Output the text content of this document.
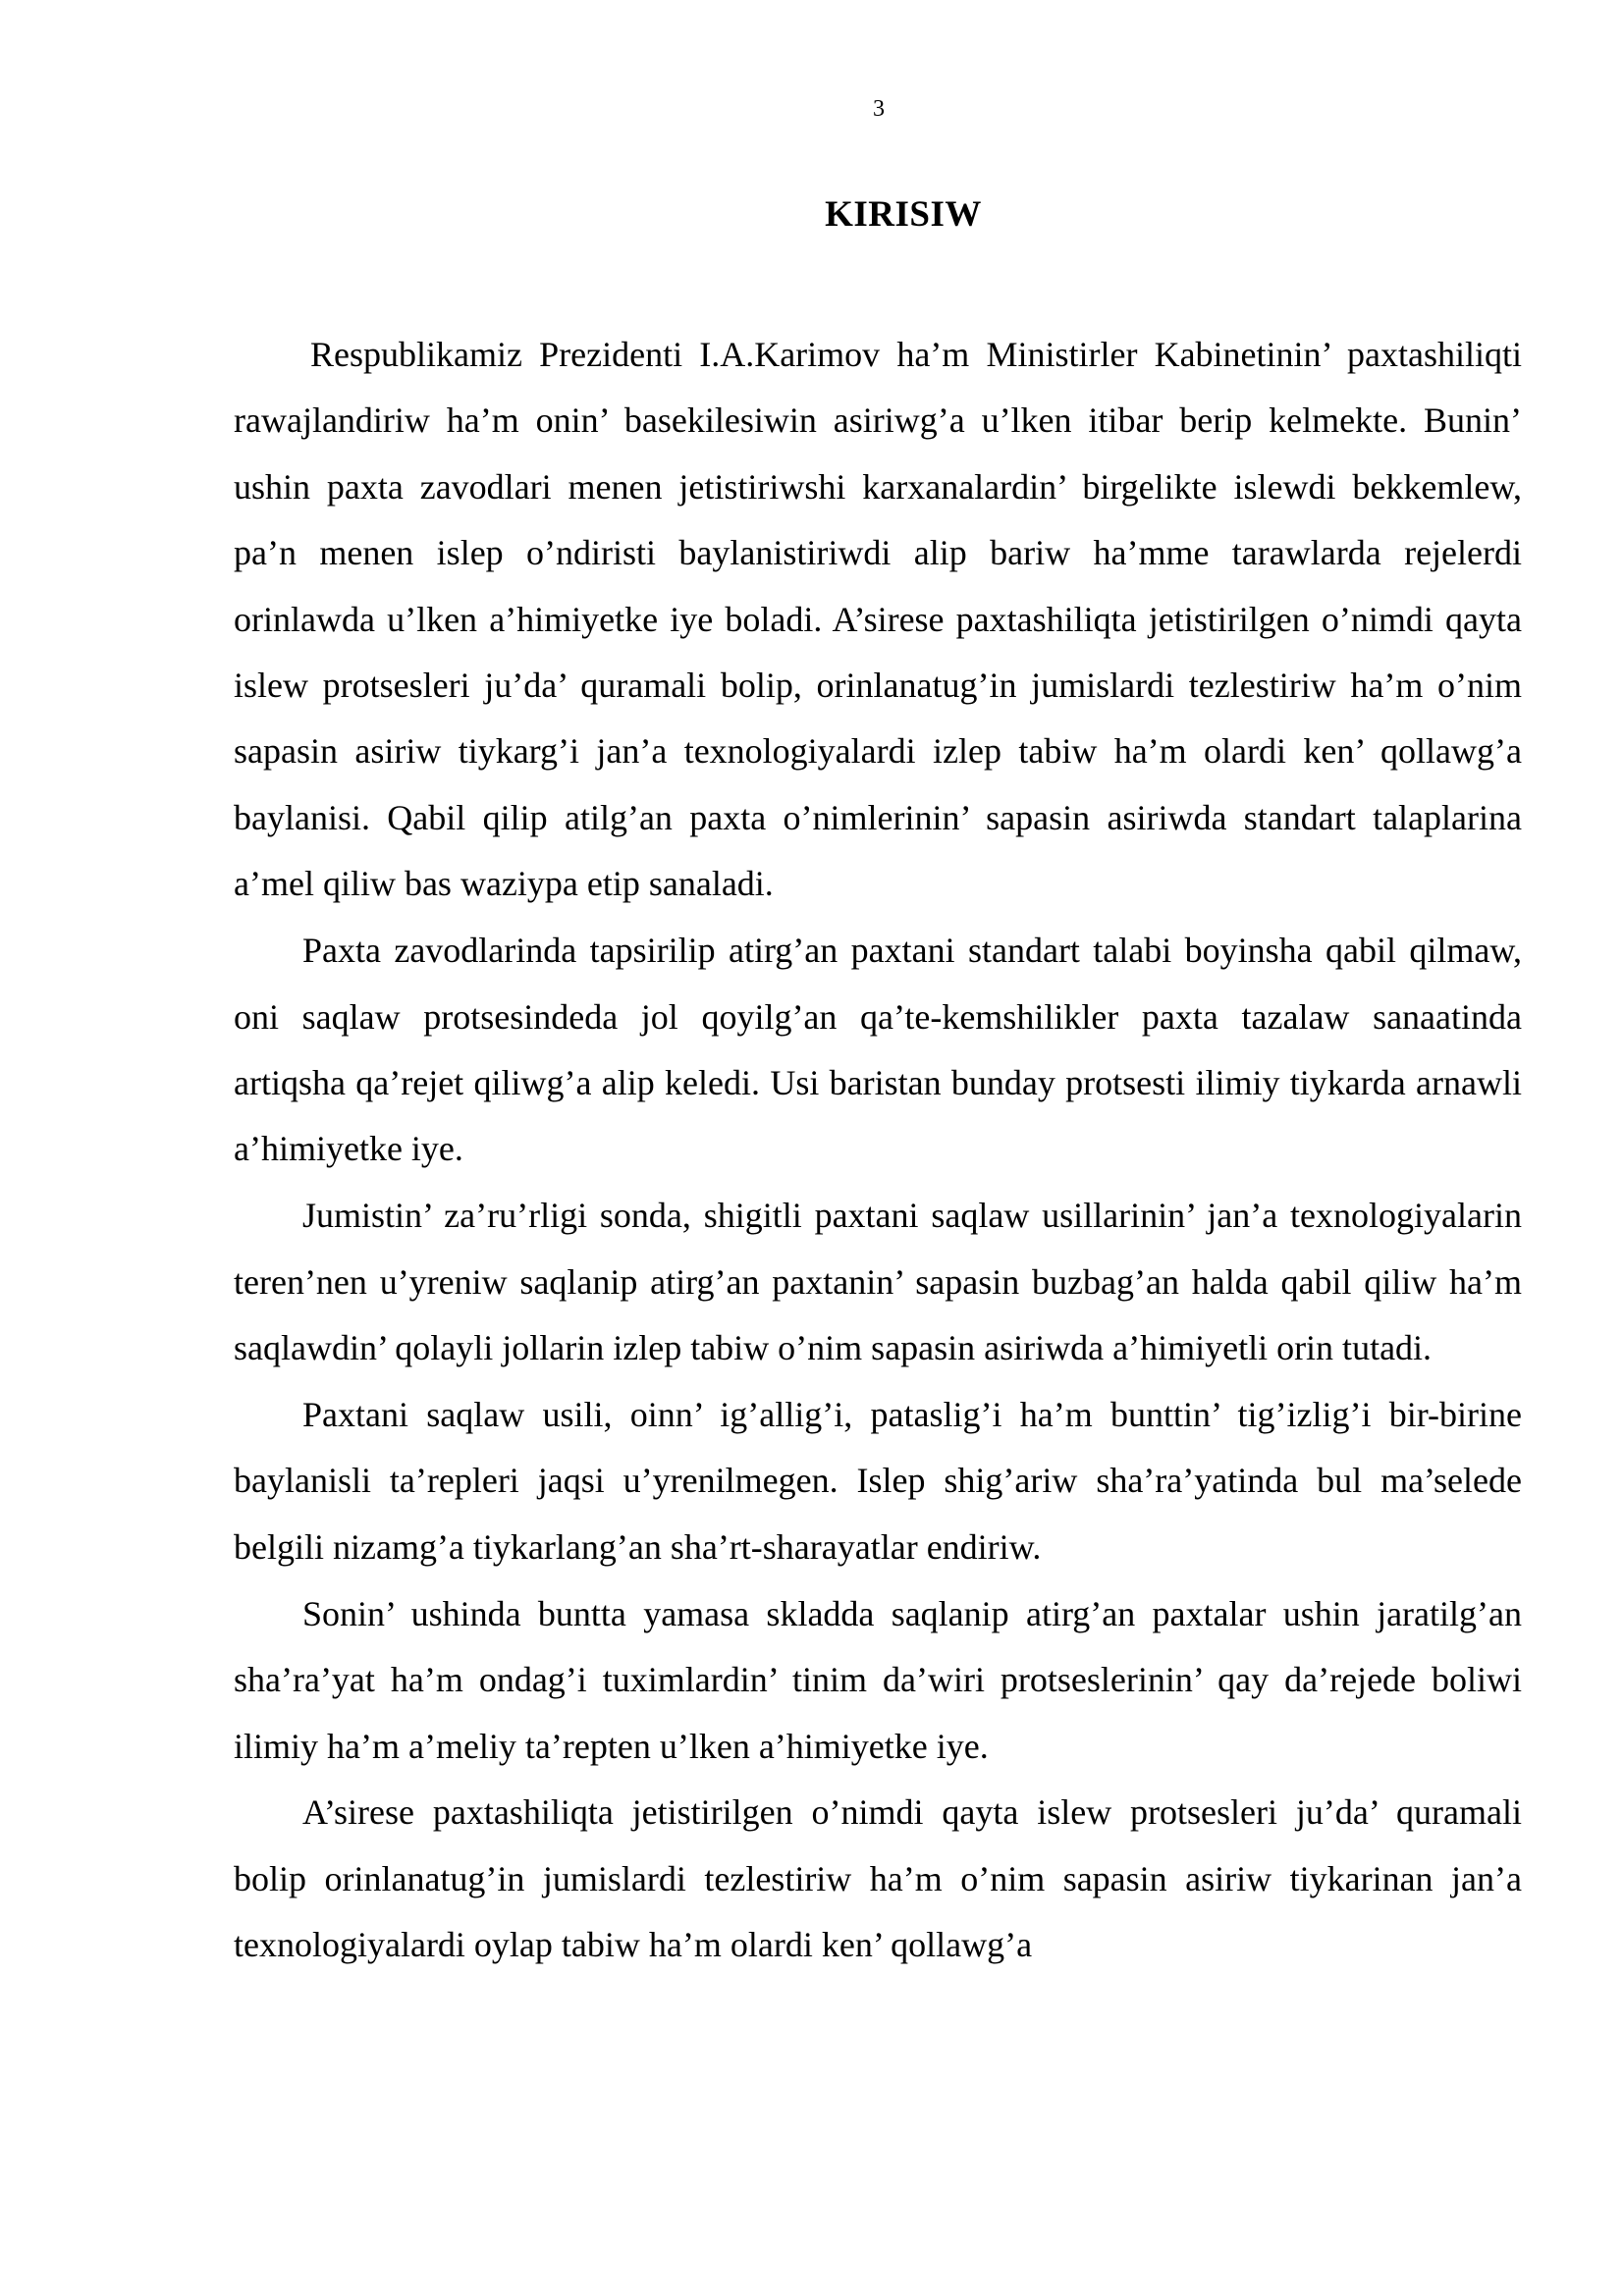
3
KIRISIW

Respublikamiz Prezidenti I.A.Karimov ha’m Ministirler Kabinetinin’ paxtashiliqti rawajlandiriw ha’m onin’ basekilesiwin asiriwg’a u’lken itibar berip kelmekte. Bunin’ ushin paxta zavodlari menen jetistiriwshi karxanalardin’ birgelikte islewdi bekkemlew, pa’n menen islep o’ndiristi baylanistiriwdi alip bariw ha’mme tarawlarda rejelerdi orinlawda u’lken a’himiyetke iye boladi. A’sirese paxtashiliqta jetistirilgen o’nimdi qayta islew protsesleri ju’da’ quramali bolip, orinlanatug’in jumislardi tezlestiriw ha’m o’nim sapasin asiriw tiykarg’i jan’a texnologiyalardi izlep tabiw ha’m olardi ken’ qollawg’a baylanisi. Qabil qilip atilg’an paxta o’nimlerinin’ sapasin asiriwda standart talaplarina a’mel qiliw bas waziypa etip sanaladi.

Paxta zavodlarinda tapsirilip atirg’an paxtani standart talabi boyinsha qabil qilmaw, oni saqlaw protsesindeda jol qoyilg’an qa’te-kemshilikler paxta tazalaw sanaatinda artiqsha qa’rejet qiliwg’a alip keledi. Usi baristan bunday protsesti ilimiy tiykarda arnawli a’himiyetke iye.

Jumistin’ za’ru’rligi sonda, shigitli paxtani saqlaw usillarinin’ jan’a texnologiyalarin teren’nen u’yreniw saqlanip atirg’an paxtanin’ sapasin buzbag’an halda qabil qiliw ha’m saqlawdin’ qolayli jollarin izlep tabiw o’nim sapasin asiriwda a’himiyetli orin tutadi.

Paxtani saqlaw usili, oinn’ ig’allig’i, pataslig’i ha’m bunttin’ tig’izlig’i bir-birine baylanisli ta’repleri jaqsi u’yrenilmegen. Islep shig’ariw sha’ra’yatinda bul ma’selede belgili nizamg’a tiykarlang’an sha’rt-sharayatlar endiriw.

Sonin’ ushinda buntta yamasa skladda saqlanip atirg’an paxtalar ushin jaratilg’an sha’ra’yat ha’m ondag’i tuximlardin’ tinim da’wiri protseslerinin’ qay da’rejede boliwi ilimiy ha’m a’meliy ta’repten u’lken a’himiyetke iye.

A’sirese paxtashiliqta jetistirilgen o’nimdi qayta islew protsesleri ju’da’ quramali bolip orinlanatug’in jumislardi tezlestiriw ha’m o’nim sapasin asiriw tiykarinan jan’a texnologiyalardi oylap tabiw ha’m olardi ken’ qollawg’a
